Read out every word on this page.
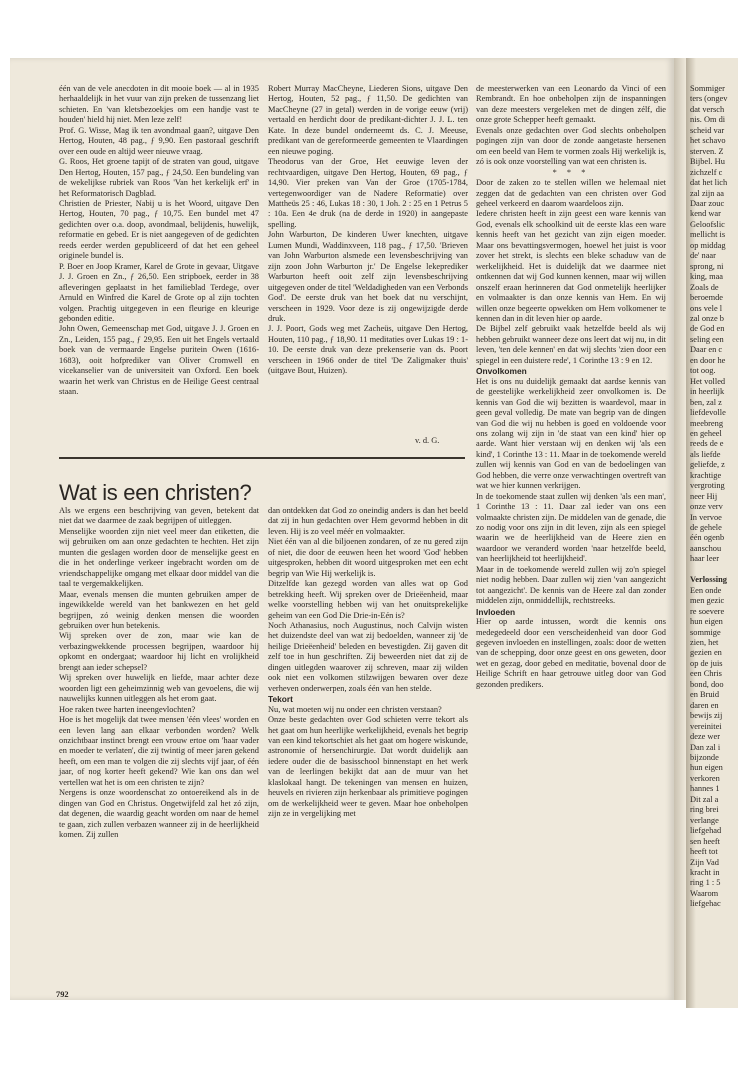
één van de vele anecdoten in dit mooie boek — al in 1935 herhaaldelijk in het vuur van zijn preken de tussenzang liet schieten. En 'van kletsbezoekjes om een handje vast te houden' hield hij niet. Men leze zelf!

Prof. G. Wisse, Mag ik ten avondmaal gaan?, uitgave Den Hertog, Houten, 48 pag., ƒ 9,90. Een pastoraal geschrift over een oude en altijd weer nieuwe vraag.

G. Roos, Het groene tapijt of de straten van goud, uitgave Den Hertog, Houten, 157 pag., ƒ 24,50. Een bundeling van de wekelijkse rubriek van Roos 'Van het kerkelijk erf' in het Reformatorisch Dagblad.

Christien de Priester, Nabij u is het Woord, uitgave Den Hertog, Houten, 70 pag., ƒ 10,75. Een bundel met 47 gedichten over o.a. doop, avondmaal, belijdenis, huwelijk, reformatie en gebed. Er is niet aangegeven of de gedichten reeds eerder werden gepubliceerd of dat het een geheel originele bundel is.

P. Boer en Joop Kramer, Karel de Grote in gevaar, Uitgave J. J. Groen en Zn., ƒ 26,50. Een stripboek, eerder in 38 afleveringen geplaatst in het familieblad Terdege, over Arnuld en Winfred die Karel de Grote op al zijn tochten volgen. Prachtig uitgegeven in een fleurige en kleurige gebonden editie.

John Owen, Gemeenschap met God, uitgave J. J. Groen en Zn., Leiden, 155 pag., ƒ 29,95. Een uit het Engels vertaald boek van de vermaarde Engelse puritein Owen (1616-1683), ooit hofprediker van Oliver Cromwell en vicekanselier van de universiteit van Oxford. Een boek waarin het werk van Christus en de Heilige Geest centraal staan.

Robert Murray MacCheyne, Liederen Sions, uitgave Den Hertog, Houten, 52 pag., ƒ 11,50. De gedichten van MacCheyne (27 in getal) werden in de vorige eeuw (vrij) vertaald en herdicht door de predikant-dichter J. J. L. ten Kate. In deze bundel onderneemt ds. C. J. Meeuse, predikant van de gereformeerde gemeenten te Vlaardingen een nieuwe poging.

Theodorus van der Groe, Het eeuwige leven der rechtvaardigen, uitgave Den Hertog, Houten, 69 pag., ƒ 14,90. Vier preken van Van der Groe (1705-1784, vertegenwoordiger van de Nadere Reformatie) over Mattheüs 25 : 46, Lukas 18 : 30, 1 Joh. 2 : 25 en 1 Petrus 5 : 10a. Een 4e druk (na de derde in 1920) in aangepaste spelling.

John Warburton, De kinderen Uwer knechten, uitgave Lumen Mundi, Waddinxveen, 118 pag., ƒ 17,50. 'Brieven van John Warburton alsmede een levensbeschrijving van zijn zoon John Warburton jr.' De Engelse lekeprediker Warburton heeft ooit zelf zijn levensbeschrijving uitgegeven onder de titel 'Weldadigheden van een Verbonds God'. De eerste druk van het boek dat nu verschijnt, verscheen in 1929. Voor deze is zij ongewijzigde derde druk.

J. J. Poort, Gods weg met Zacheüs, uitgave Den Hertog, Houten, 110 pag., ƒ 18,90. 11 meditaties over Lukas 19 : 1-10. De eerste druk van deze prekenserie van ds. Poort verscheen in 1966 onder de titel 'De Zaligmaker thuis' (uitgave Bout, Huizen).

v. d. G.
Wat is een christen?

Als we ergens een beschrijving van geven, betekent dat niet dat we daarmee de zaak begrijpen of uitleggen.

Menselijke woorden zijn niet veel meer dan etiketten, die wij gebruiken om aan onze gedachten te hechten. Het zijn munten die geslagen worden door de menselijke geest en die in het onderlinge verkeer ingebracht worden om de vriendschappelijke omgang met elkaar door middel van die taal te vergemakkelijken.

Maar, evenals mensen die munten gebruiken amper de ingewikkelde wereld van het bankwezen en het geld begrijpen, zó weinig denken mensen die woorden gebruiken over hun betekenis.

Wij spreken over de zon, maar wie kan de verbazingwekkende processen begrijpen, waardoor hij opkomt en ondergaat; waardoor hij licht en vrolijkheid brengt aan ieder schepsel?

Wij spreken over huwelijk en liefde, maar achter deze woorden ligt een geheimzinnig web van gevoelens, die wij nauwelijks kunnen uitleggen als het erom gaat.

Hoe raken twee harten ineengevlochten?

Hoe is het mogelijk dat twee mensen 'één vlees' worden en een leven lang aan elkaar verbonden worden? Welk onzichtbaar instinct brengt een vrouw ertoe om 'haar vader en moeder te verlaten', die zij twintig of meer jaren gekend heeft, om een man te volgen die zij slechts vijf jaar, of één jaar, of nog korter heeft gekend? Wie kan ons dan wel vertellen wat het is om een christen te zijn?

Nergens is onze woordenschat zo ontoereikend als in de dingen van God en Christus. Ongetwijfeld zal het zó zijn, dat degenen, die waardig geacht worden om naar de hemel te gaan, zich zullen verbazen wanneer zij in de heerlijkheid komen. Zij zullen

dan ontdekken dat God zo oneindig anders is dan het beeld dat zij in hun gedachten over Hem gevormd hebben in dit leven. Hij is zo veel méér en volmaakter.

Niet één van al die biljoenen zondaren, of ze nu gered zijn of niet, die door de eeuwen heen het woord 'God' hebben uitgesproken, hebben dit woord uitgesproken met een echt begrip van Wie Hij werkelijk is.

Ditzelfde kan gezegd worden van alles wat op God betrekking heeft. Wij spreken over de Drieëenheid, maar welke voorstelling hebben wij van het onuitsprekelijke geheim van een God Die Drie-in-Eén is?

Noch Athanasius, noch Augustinus, noch Calvijn wisten het duizendste deel van wat zij bedoelden, wanneer zij 'de heilige Drieëenheid' beleden en bevestigden. Zij gaven dit zelf toe in hun geschriften. Zij beweerden niet dat zij de dingen uitlegden waarover zij schreven, maar zij wilden ook niet een volkomen stilzwijgen bewaren over deze verheven onderwerpen, zoals één van hen stelde.

Tekort

Nu, wat moeten wij nu onder een christen verstaan?

Onze beste gedachten over God schieten verre tekort als het gaat om hun heerlijke werkelijkheid, evenals het begrip van een kind tekortschiet als het gaat om hogere wiskunde, astronomie of hersenchirurgie. Dat wordt duidelijk aan iedere ouder die de basisschool binnenstapt en het werk van de leerlingen bekijkt dat aan de muur van het klaslokaal hangt. De tekeningen van mensen en huizen, heuvels en rivieren zijn herkenbaar als primitieve pogingen om de werkelijkheid weer te geven. Maar hoe onbeholpen zijn ze in vergelijking met

de meesterwerken van een Leonardo da Vinci of een Rembrandt. En hoe onbeholpen zijn de inspanningen van deze meesters vergeleken met de dingen zélf, die onze grote Schepper heeft gemaakt.

Evenals onze gedachten over God slechts onbeholpen pogingen zijn van door de zonde aangetaste hersenen om een beeld van Hem te vormen zoals Hij werkelijk is, zó is ook onze voorstelling van wat een christen is.

* * *

Door de zaken zo te stellen willen we helemaal niet zeggen dat de gedachten van een christen over God geheel verkeerd en daarom waardeloos zijn.

Iedere christen heeft in zijn geest een ware kennis van God, evenals elk schoolkind uit de eerste klas een ware kennis heeft van het gezicht van zijn eigen moeder. Maar ons bevattingsvermogen, hoewel het juist is voor zover het strekt, is slechts een bleke schaduw van de werkelijkheid. Het is duidelijk dat we daarmee niet ontkennen dat wij God kunnen kennen, maar wij willen onszelf eraan herinneren dat God onmetelijk heerlijker en volmaakter is dan onze kennis van Hem. En wij willen onze begeerte opwekken om Hem volkomener te kennen dan in dit leven hier op aarde.

De Bijbel zelf gebruikt vaak hetzelfde beeld als wij hebben gebruikt wanneer deze ons leert dat wij nu, in dit leven, 'ten dele kennen' en dat wij slechts 'zien door een spiegel in een duistere rede', 1 Corinthe 13 : 9 en 12.

Onvolkomen

Het is ons nu duidelijk gemaakt dat aardse kennis van de geestelijke werkelijkheid zeer onvolkomen is. De kennis van God die wij bezitten is waardevol, maar in geen geval volledig. De mate van begrip van de dingen van God die wij nu hebben is goed en voldoende voor ons zolang wij zijn in 'de staat van een kind' hier op aarde. Want hier verstaan wij en denken wij 'als een kind', 1 Corinthe 13 : 11. Maar in de toekomende wereld zullen wij kennis van God en van de bedoelingen van God hebben, die verre onze verwachtingen overtreft van wat we hier kunnen verkrijgen.

In de toekomende staat zullen wij denken 'als een man', 1 Corinthe 13 : 11. Daar zal ieder van ons een volmaakte christen zijn. De middelen van de genade, die zo nodig voor ons zijn in dit leven, zijn als een spiegel waarin we de heerlijkheid van de Heere zien en waardoor we veranderd worden 'naar hetzelfde beeld, van heerlijkheid tot heerlijkheid'.

Maar in de toekomende wereld zullen wij zo'n spiegel niet nodig hebben. Daar zullen wij zien 'van aangezicht tot aangezicht'. De kennis van de Heere zal dan zonder middelen zijn, onmiddellijk, rechtstreeks.

Invloeden

Hier op aarde intussen, wordt die kennis ons medegedeeld door een verscheidenheid van door God gegeven invloeden en instellingen, zoals: door de wetten van de schepping, door onze geest en ons geweten, door wet en gezag, door gebed en meditatie, bovenal door de Heilige Schrift en haar getrouwe uitleg door van God gezonden predikers.

792
Sommiger
ters (ongev
dat versch
nis. Om di
scheid var
het schavo
sterven. Z
Bijbel. Hu
zichzelf c
dat het lich
zal zijn aa
Daar zouc
kend war
Geloofslic
mellicht is
op middag
de' naar
sprong, ni
king, maa
Zoals de
beroemde
ons vele l
zal onze b
de God en
seling een
Daar en c
en door he
tot oog.
Het volled
in heerlijk
ben, zal z
liefdevolle
meebreng
en geheel
reeds de e
als liefde
geliefde, z
krachtige
vergroting
neer Hij
onze verv
In vervoe
de gehele
één ogenb
aanschou
haar leer

Verlossing
Een onde
men gezic
re soevere
hun eigen
sommige
zien, het
gezien en
op de juis
een Chris
bond, doo
en Bruid
daren en
bewijs zij
vereinitei
deze wer
Dan zal i
bijzonde
hun eigen
verkoren
hannes 1
Dit zal a
ring brei
verlange
liefgehad
sen heeft
heeft tot
Zijn Vad
kracht in
ring 1 : 5
Waarom
liefgehac
